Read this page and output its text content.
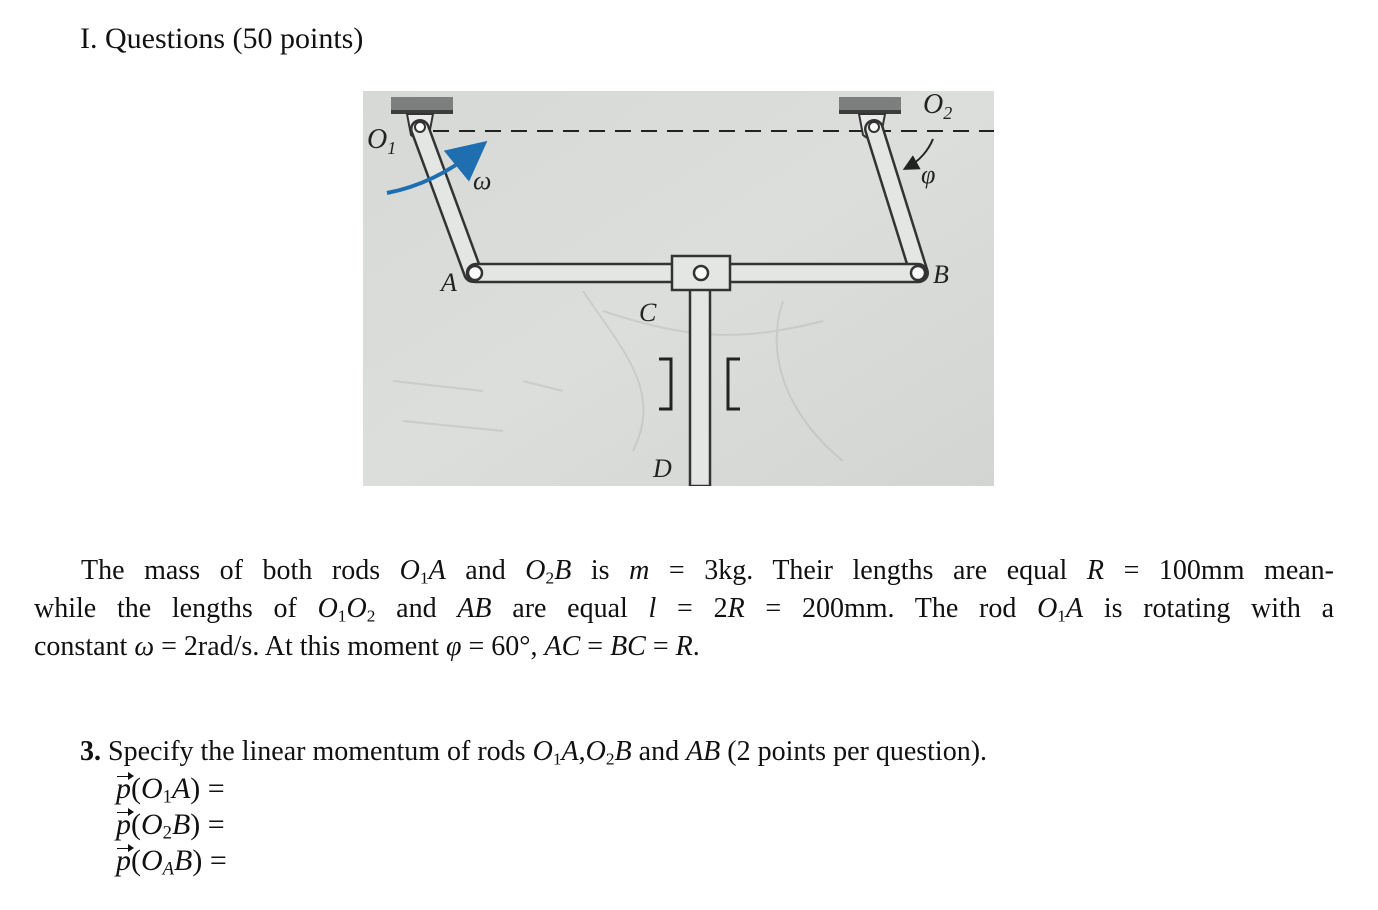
I. Questions (50 points)
$O_1$
$O_2$
ω	φ
A	B
C
D
The mass of both rods $O_1A$ and $O_2B$ is m = 3kg. Their lengths are equal R = 100mm mean-
while the lengths of $O_1O_2$ and AB are equal l = 2R = 200mm. The rod $O_1A$ is rotating with a
constant ω = 2rad/s. At this moment φ = 60°, AC = BC = R.
3. Specify the linear momentum of rods $O_1A,O_2B$ and AB (2 points per question).
$p(O_1A)$ =
$p(O_2B)$ =
$p(O_AB)$ =
